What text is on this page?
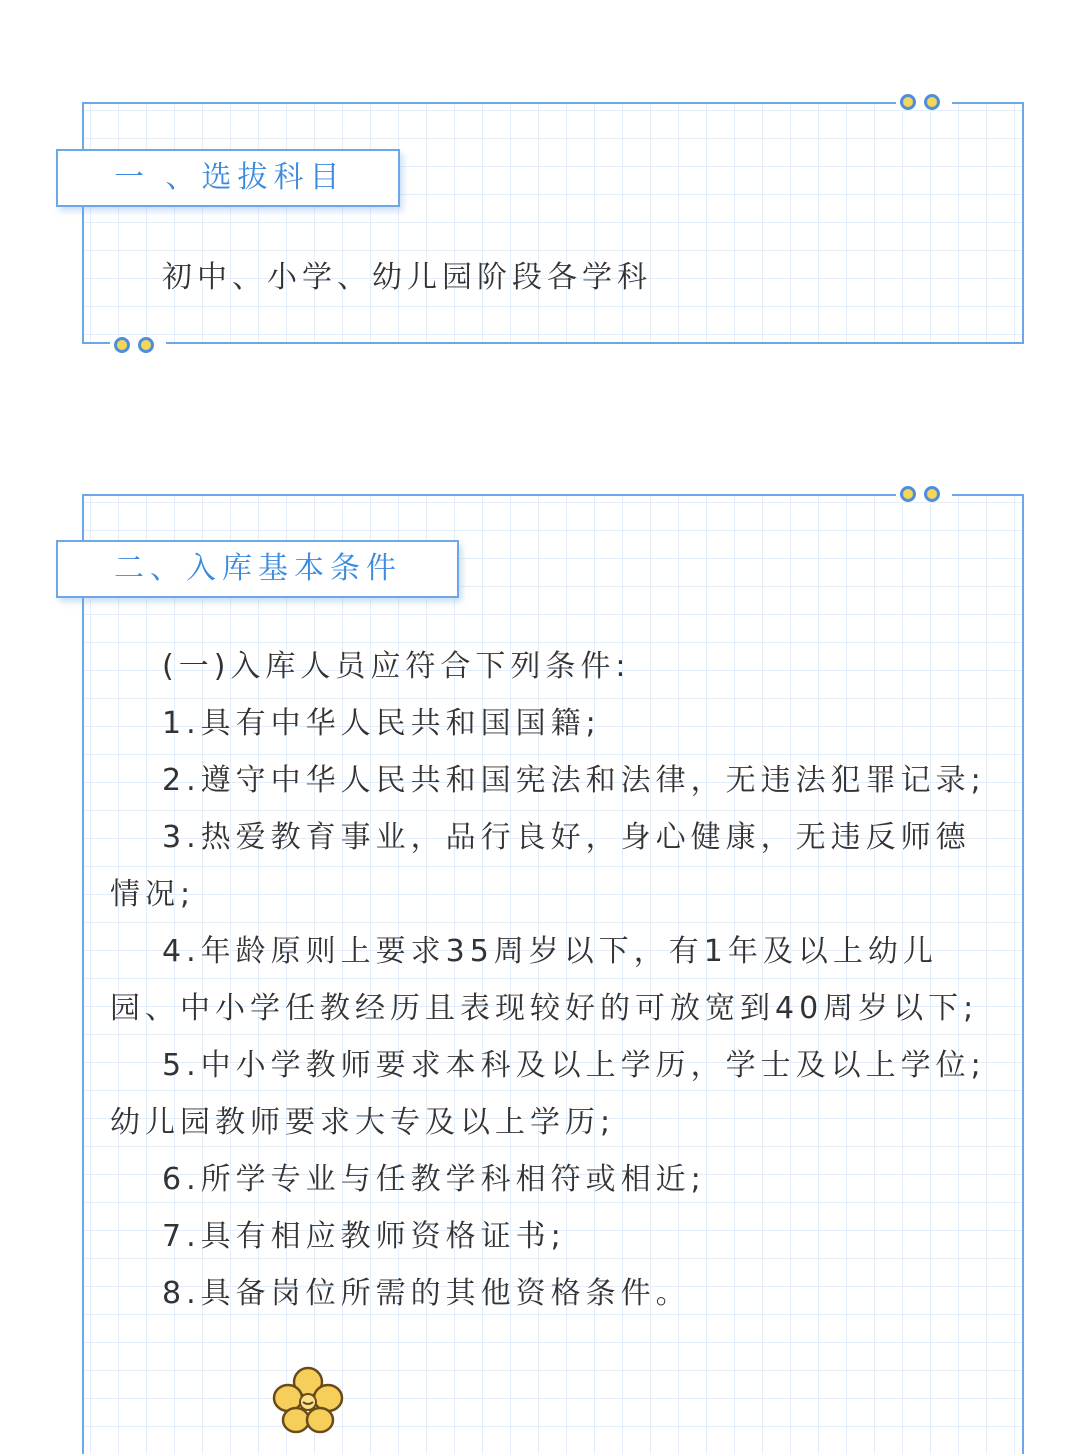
一 、选拔科目
初中、小学、幼儿园阶段各学科
二、入库基本条件

(一)入库人员应符合下列条件:

1.具有中华人民共和国国籍;

2.遵守中华人民共和国宪法和法律，无违法犯罪记录;

3.热爱教育事业，品行良好，身心健康，无违反师德情况;

4.年龄原则上要求35周岁以下，有1年及以上幼儿园、中小学任教经历且表现较好的可放宽到40周岁以下;

5.中小学教师要求本科及以上学历，学士及以上学位;幼儿园教师要求大专及以上学历;

6.所学专业与任教学科相符或相近;

7.具有相应教师资格证书;

8.具备岗位所需的其他资格条件。
